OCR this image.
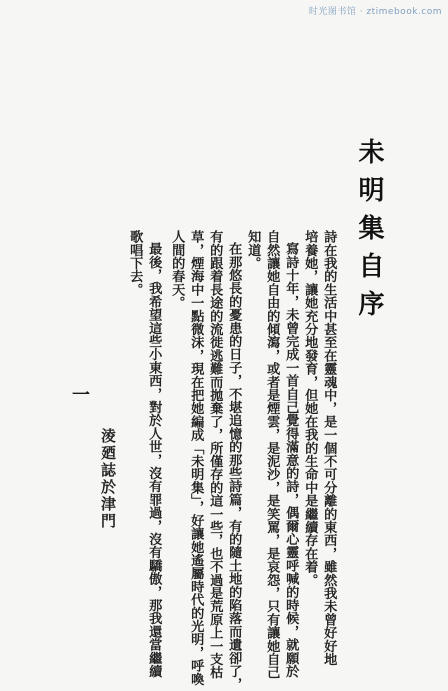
时光图书馆 · ztimebook.com
未明集自序
詩在我的生活中甚至在靈魂中，是一個不可分離的東西，雖然我未曾好好地
培養她，讓她充分地發育，但她在我的生命中是繼續存在着。
寫詩十年，未曾完成一首自己覺得滿意的詩，偶爾心靈呼喊的時候，就願於
自然讓她自由的傾瀉，或者是煙雲，是泥沙，是笑罵，是哀怨，只有讓她自己
知道。
在那悠長的憂患的日子，不堪追憶的那些詩篇，有的隨土地的陷落而遺卻了，
有的跟着長途的流徙逃難而拋棄了，所僅存的這一些，也不過是荒原上一支枯
草，煙海中一點微沫，現在把她編成「未明集」，好讓她遙屬時代的光明，呼喚
人間的春天。
最後，我希望這些小東西，對於人世，沒有罪過，沒有驕傲，那我還當繼續
歌唱下去。
淩廼誌於津門
一
